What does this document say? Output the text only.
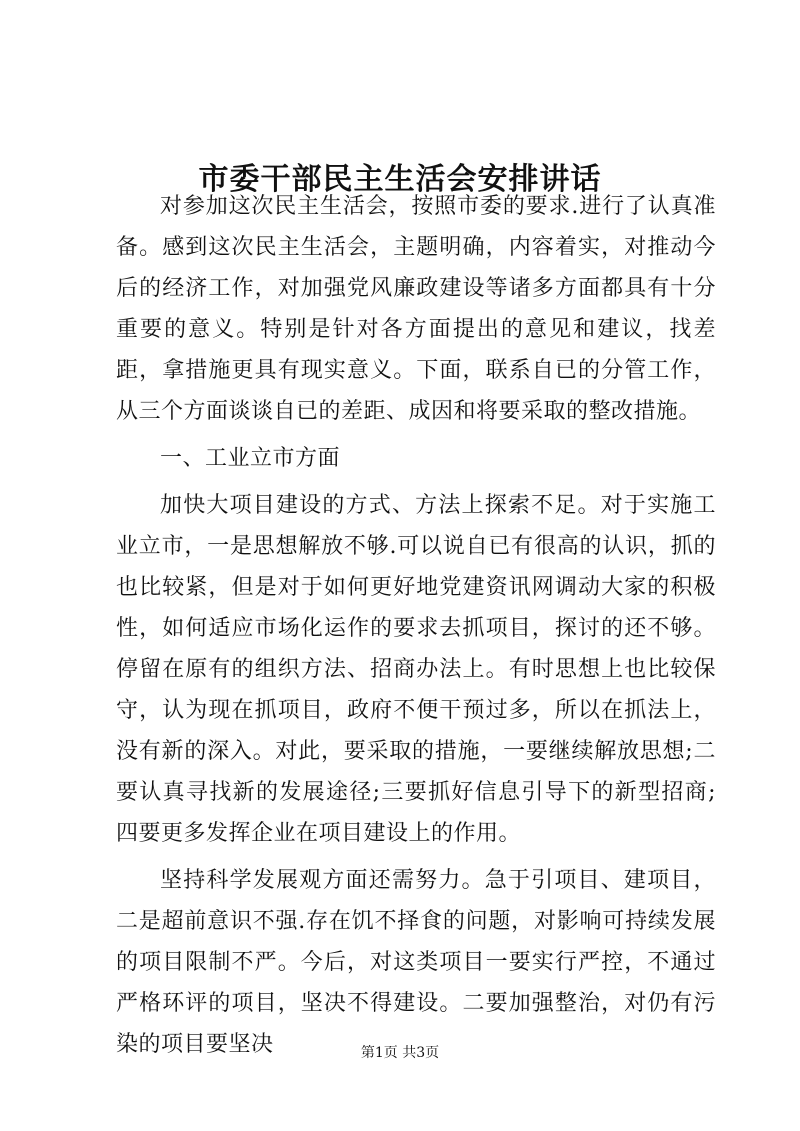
市委干部民主生活会安排讲话

对参加这次民主生活会，按照市委的要求.进行了认真准备。感到这次民主生活会，主题明确，内容着实，对推动今后的经济工作，对加强党风廉政建设等诸多方面都具有十分重要的意义。特别是针对各方面提出的意见和建议，找差距，拿措施更具有现实意义。下面，联系自已的分管工作，从三个方面谈谈自已的差距、成因和将要采取的整改措施。

一、工业立市方面

加快大项目建设的方式、方法上探索不足。对于实施工业立市，一是思想解放不够.可以说自已有很高的认识，抓的也比较紧，但是对于如何更好地党建资讯网调动大家的积极性，如何适应市场化运作的要求去抓项目，探讨的还不够。停留在原有的组织方法、招商办法上。有时思想上也比较保守，认为现在抓项目，政府不便干预过多，所以在抓法上，没有新的深入。对此，要采取的措施，一要继续解放思想;二要认真寻找新的发展途径;三要抓好信息引导下的新型招商;四要更多发挥企业在项目建设上的作用。

坚持科学发展观方面还需努力。急于引项目、建项目，二是超前意识不强.存在饥不择食的问题，对影响可持续发展的项目限制不严。今后，对这类项目一要实行严控，不通过严格环评的项目，坚决不得建设。二要加强整治，对仍有污染的项目要坚决	第1页 共3页
